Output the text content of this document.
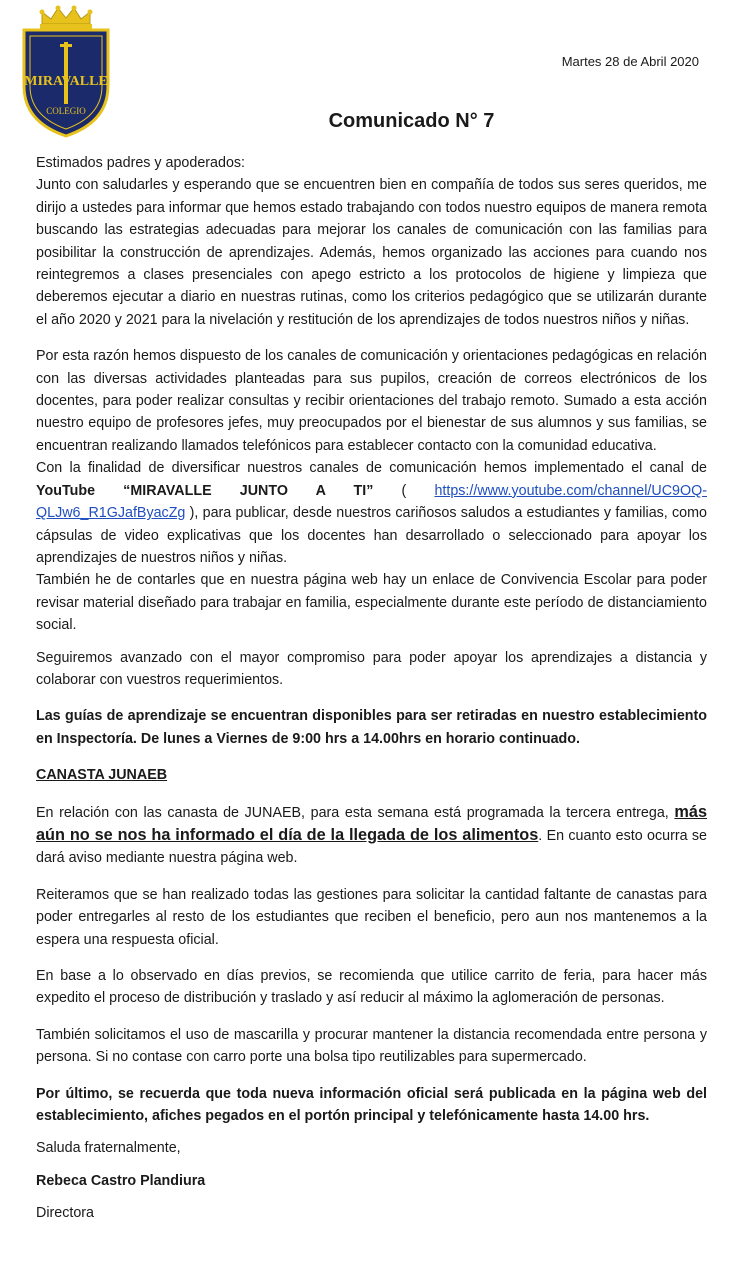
MIRAVALLE
COLEGIO
Martes 28 de Abril 2020
Comunicado N° 7

Estimados padres y apoderados:

Junto con saludarles y esperando que se encuentren bien en compañía de todos sus seres queridos, me dirijo a ustedes para informar que hemos estado trabajando con todos nuestro equipos de manera remota buscando las estrategias adecuadas para mejorar los canales de comunicación con las familias para posibilitar la construcción de aprendizajes. Además, hemos organizado las acciones para cuando nos reintegremos a clases presenciales con apego estricto a los protocolos de higiene y limpieza que deberemos ejecutar a diario en nuestras rutinas, como los criterios pedagógico que se utilizarán durante el año 2020 y 2021 para la nivelación y restitución de los aprendizajes de todos nuestros niños y niñas.

Por esta razón hemos dispuesto de los canales de comunicación y orientaciones pedagógicas en relación con las diversas actividades planteadas para sus pupilos, creación de correos electrónicos de los docentes, para poder realizar consultas y recibir orientaciones del trabajo remoto. Sumado a esta acción nuestro equipo de profesores jefes, muy preocupados por el bienestar de sus alumnos y sus familias, se encuentran realizando llamados telefónicos para establecer contacto con la comunidad educativa.

Con la finalidad de diversificar nuestros canales de comunicación hemos implementado el canal de YouTube “MIRAVALLE JUNTO A TI” ( https://www.youtube.com/channel/UC9OQ-QLJw6_R1GJafByacZg ), para publicar, desde nuestros cariñosos saludos a estudiantes y familias, como cápsulas de video explicativas que los docentes han desarrollado o seleccionado para apoyar los aprendizajes de nuestros niños y niñas.

También he de contarles que en nuestra página web hay un enlace de Convivencia Escolar para poder revisar material diseñado para trabajar en familia, especialmente durante este período de distanciamiento social.

Seguiremos avanzado con el mayor compromiso para poder apoyar los aprendizajes a distancia y colaborar con vuestros requerimientos.

Las guías de aprendizaje se encuentran disponibles para ser retiradas en nuestro establecimiento en Inspectoría. De lunes a Viernes de 9:00 hrs a 14.00hrs en horario continuado.

CANASTA JUNAEB

En relación con las canasta de JUNAEB, para esta semana está programada la tercera entrega, más aún no se nos ha informado el día de la llegada de los alimentos. En cuanto esto ocurra se dará aviso mediante nuestra página web.

Reiteramos que se han realizado todas las gestiones para solicitar la cantidad faltante de canastas para poder entregarles al resto de los estudiantes que reciben el beneficio, pero aun nos mantenemos a la espera una respuesta oficial.

En base a lo observado en días previos, se recomienda que utilice carrito de feria, para hacer más expedito el proceso de distribución y traslado y así reducir al máximo la aglomeración de personas.

También solicitamos el uso de mascarilla y procurar mantener la distancia recomendada entre persona y persona. Si no contase con carro porte una bolsa tipo reutilizables para supermercado.

Por último, se recuerda que toda nueva información oficial será publicada en la página web del establecimiento, afiches pegados en el portón principal y telefónicamente hasta 14.00 hrs.

Saluda fraternalmente,

Rebeca Castro Plandiura

Directora
